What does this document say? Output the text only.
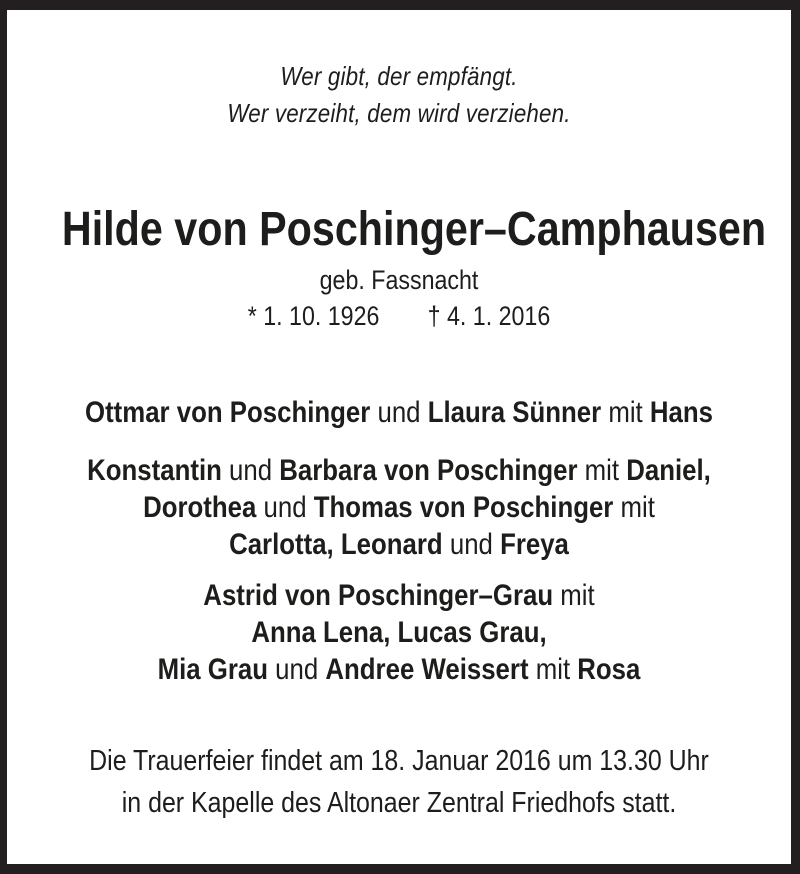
Wer gibt, der empfängt.

Wer verzeiht, dem wird verziehen.

Hilde von Poschinger–Camphausen

geb. Fassnacht

* 1. 10. 1926 † 4. 1. 2016

Ottmar von Poschinger und Llaura Sünner mit Hans

Konstantin und Barbara von Poschinger mit Daniel,

Dorothea und Thomas von Poschinger mit

Carlotta, Leonard und Freya

Astrid von Poschinger–Grau mit

Anna Lena, Lucas Grau,

Mia Grau und Andree Weissert mit Rosa

Die Trauerfeier findet am 18. Januar 2016 um 13.30 Uhr

in der Kapelle des Altonaer Zentral Friedhofs statt.
